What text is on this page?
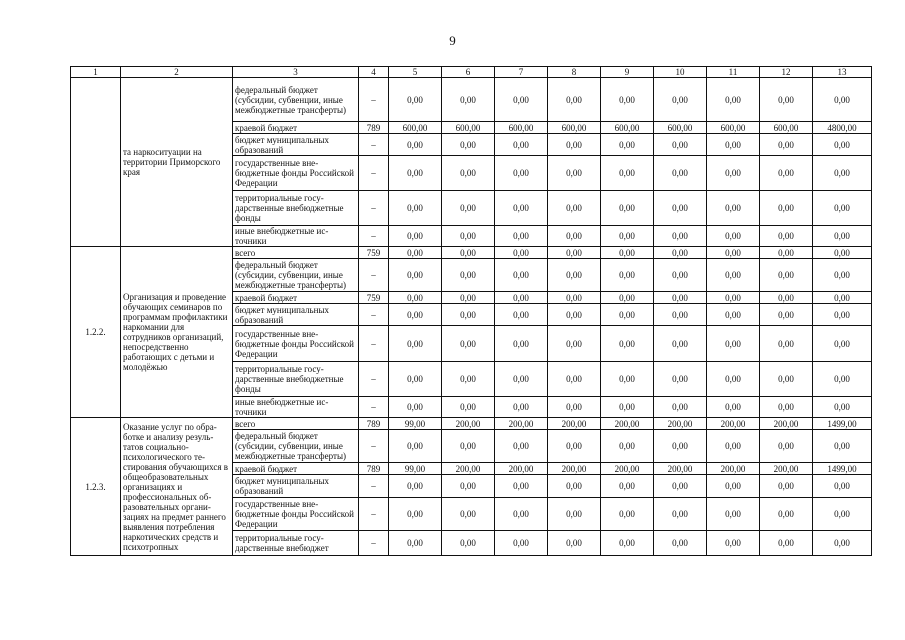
9
1	2	3	4	5	6	7	8	9	10	11	12	13
	та наркоситуации на территории Приморского края	федеральный бюджет (субсидии, субвенции, иные межбюджетные трансферты)	–	0,00	0,00	0,00	0,00	0,00	0,00	0,00	0,00	0,00
		краевой бюджет	789	600,00	600,00	600,00	600,00	600,00	600,00	600,00	600,00	4800,00
		бюджет муниципальных образований	–	0,00	0,00	0,00	0,00	0,00	0,00	0,00	0,00	0,00
		государственные внебюджетные фонды Российской Федерации	–	0,00	0,00	0,00	0,00	0,00	0,00	0,00	0,00	0,00
		территориальные государственные внебюджетные фонды	–	0,00	0,00	0,00	0,00	0,00	0,00	0,00	0,00	0,00
		иные внебюджетные источники	–	0,00	0,00	0,00	0,00	0,00	0,00	0,00	0,00	0,00
1.2.2.	Организация и проведение обучающих семинаров по программам профилактики наркомании для сотрудников организаций, непосредственно работающих с детьми и молодёжью	всего	759	0,00	0,00	0,00	0,00	0,00	0,00	0,00	0,00	0,00
		федеральный бюджет (субсидии, субвенции, иные межбюджетные трансферты)	–	0,00	0,00	0,00	0,00	0,00	0,00	0,00	0,00	0,00
		краевой бюджет	759	0,00	0,00	0,00	0,00	0,00	0,00	0,00	0,00	0,00
		бюджет муниципальных образований	–	0,00	0,00	0,00	0,00	0,00	0,00	0,00	0,00	0,00
		государственные внебюджетные фонды Российской Федерации	–	0,00	0,00	0,00	0,00	0,00	0,00	0,00	0,00	0,00
		территориальные государственные внебюджетные фонды	–	0,00	0,00	0,00	0,00	0,00	0,00	0,00	0,00	0,00
		иные внебюджетные источники	–	0,00	0,00	0,00	0,00	0,00	0,00	0,00	0,00	0,00
1.2.3.	Оказание услуг по обработке и анализу результатов социально-психологического тестирования обучающихся в общеобразовательных организациях и профессиональных образовательных организациях на предмет раннего выявления потребления наркотических средств и психотропных	всего	789	99,00	200,00	200,00	200,00	200,00	200,00	200,00	200,00	1499,00
		федеральный бюджет (субсидии, субвенции, иные межбюджетные трансферты)	–	0,00	0,00	0,00	0,00	0,00	0,00	0,00	0,00	0,00
		краевой бюджет	789	99,00	200,00	200,00	200,00	200,00	200,00	200,00	200,00	1499,00
		бюджет муниципальных образований	–	0,00	0,00	0,00	0,00	0,00	0,00	0,00	0,00	0,00
		государственные внебюджетные фонды Российской Федерации	–	0,00	0,00	0,00	0,00	0,00	0,00	0,00	0,00	0,00
		территориальные государственные внебюджет	–	0,00	0,00	0,00	0,00	0,00	0,00	0,00	0,00	0,00
